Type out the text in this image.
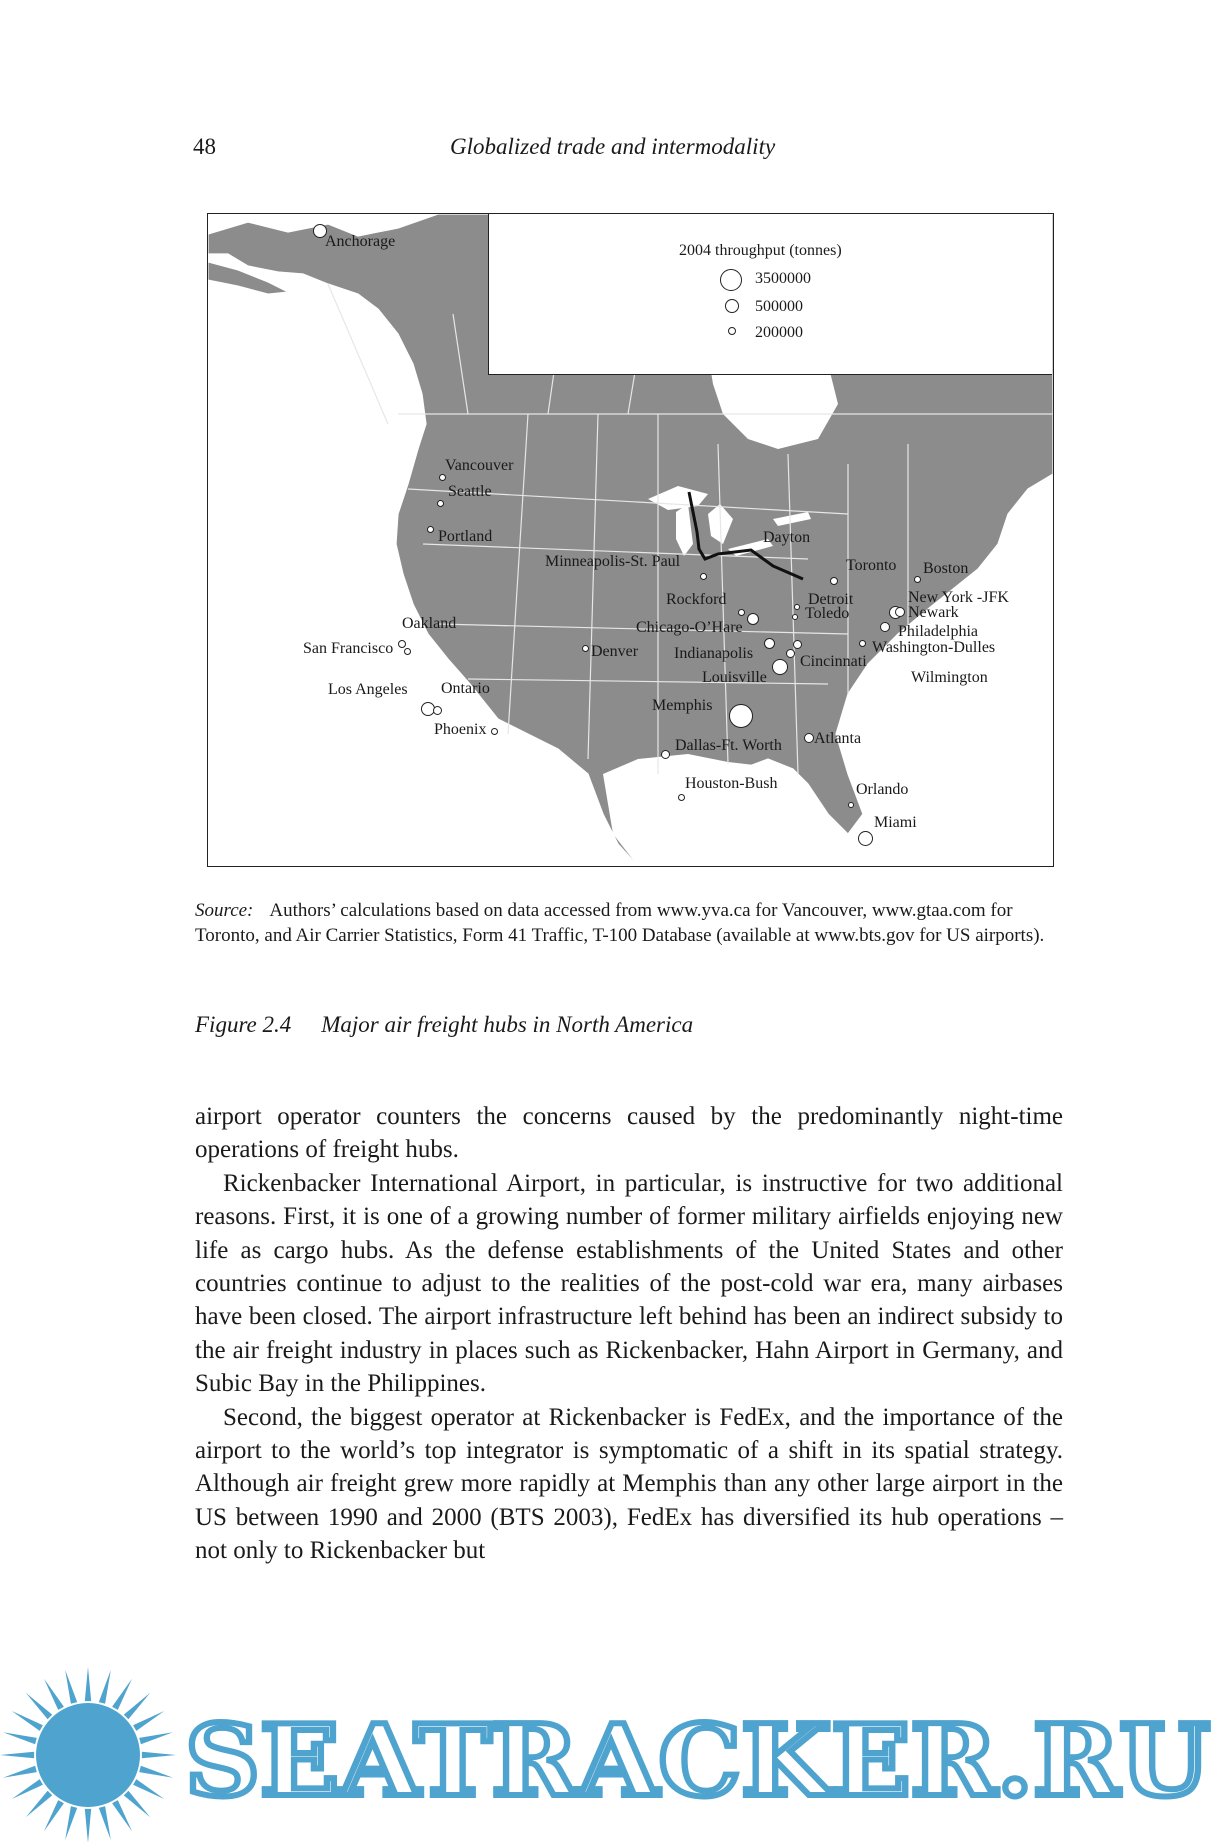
48	Globalized trade and intermodality
2004 throughput (tonnes)
3500000
500000
200000
Anchorage
Vancouver
Seattle
Portland
Oakland
San Francisco
Los Angeles Ontario
Phoenix
Denver
Minneapolis-St. Paul
Rockford
Chicago-O’Hare
Indianapolis
Louisville
Memphis
Dallas-Ft. Worth
Houston-Bush
Atlanta
Orlando
Miami
Dayton
Toronto
Detroit
Toledo
Cincinnati
Boston
New York -JFK
Newark
Philadelphia
Washington-Dulles
Wilmington
Source: Authors’ calculations based on data accessed from www.yva.ca for Vancouver, www.gtaa.com for Toronto, and Air Carrier Statistics, Form 41 Traffic, T-100 Database (available at www.bts.gov for US airports).
Figure 2.4 Major air freight hubs in North America

airport operator counters the concerns caused by the predominantly night-time operations of freight hubs.

Rickenbacker International Airport, in particular, is instructive for two additional reasons. First, it is one of a growing number of former military airfields enjoying new life as cargo hubs. As the defense establishments of the United States and other countries continue to adjust to the realities of the post-cold war era, many airbases have been closed. The airport infrastructure left behind has been an indirect subsidy to the air freight industry in places such as Rickenbacker, Hahn Airport in Germany, and Subic Bay in the Philippines.

Second, the biggest operator at Rickenbacker is FedEx, and the importance of the airport to the world’s top integrator is symptomatic of a shift in its spatial strategy. Although air freight grew more rapidly at Memphis than any other large airport in the US between 1990 and 2000 (BTS 2003), FedEx has diversified its hub operations – not only to Rickenbacker but

SEATRACKER.RU
